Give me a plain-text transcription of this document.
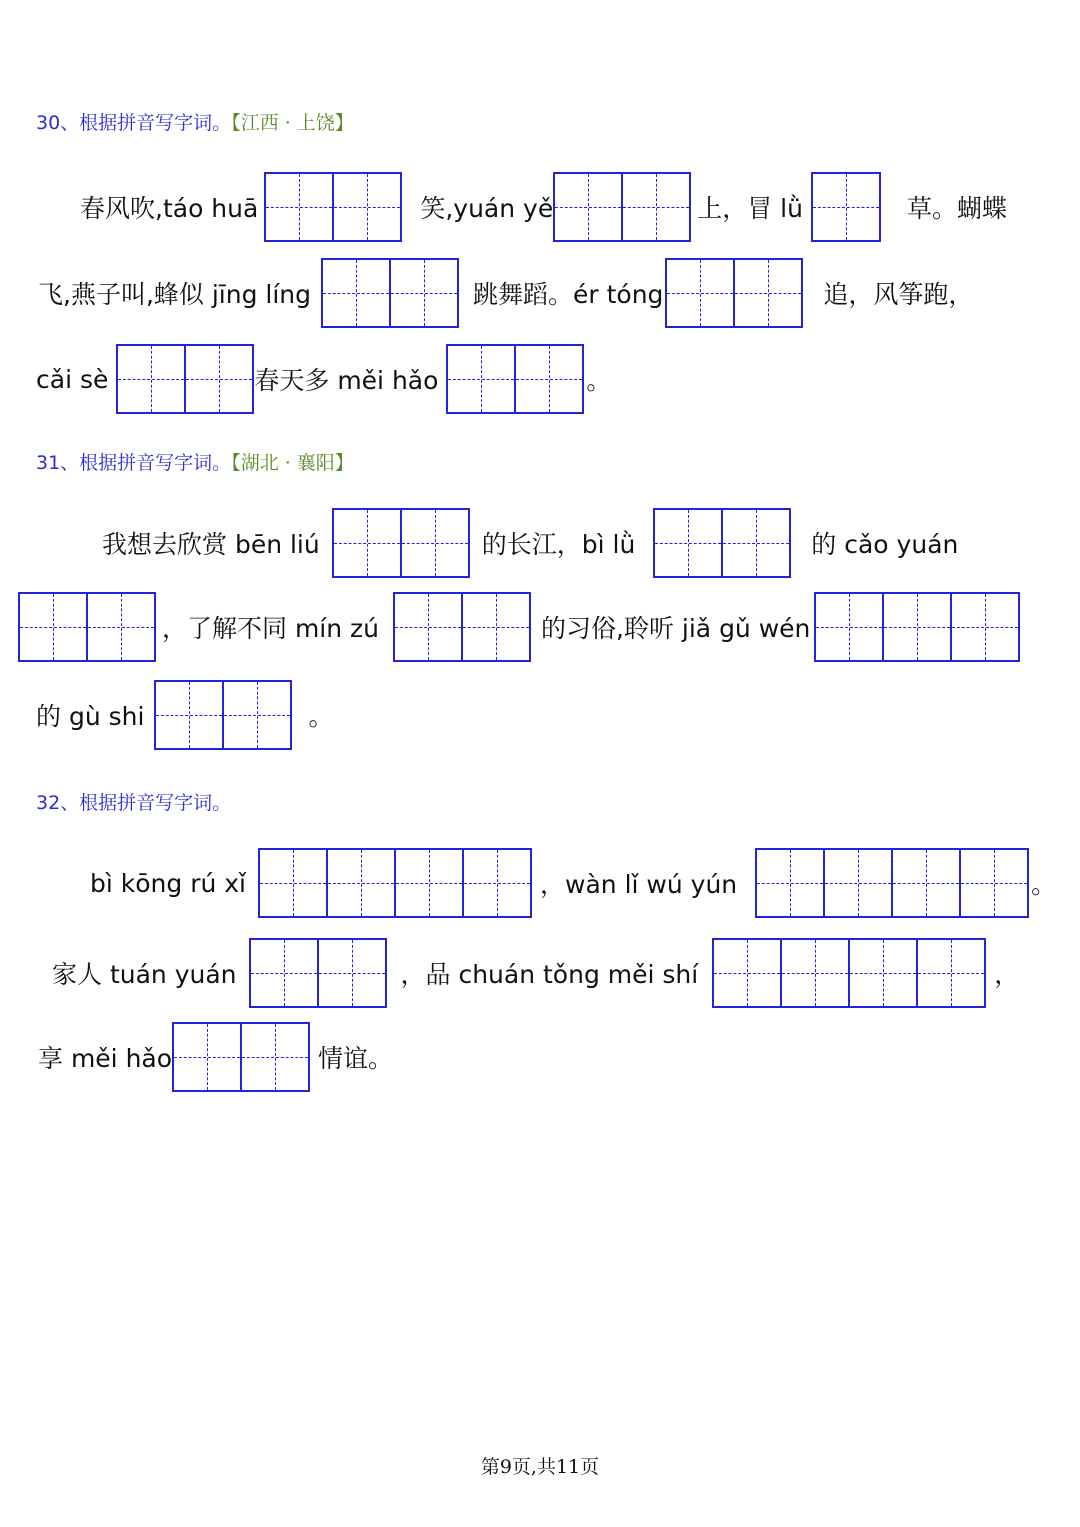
30、根据拼音写字词。【江西 · 上饶】
春风吹,táo huā	笑,yuán yě	上，冒 lǜ	草。蝴蝶
飞,燕子叫,蜂似 jīng líng	跳舞蹈。ér tóng	追，风筝跑，
cǎi sè	春天多 měi hǎo	。
31、根据拼音写字词。【湖北 · 襄阳】
我想去欣赏 bēn liú	的长江，bì lǜ	的 cǎo yuán
，了解不同 mín zú	的习俗,聆听 jiǎ gǔ wén
的 gù shi	。
32、根据拼音写字词。
bì kōng rú xǐ	，wàn lǐ wú yún	。
家人 tuán yuán	，品 chuán tǒng měi shí	，
享 měi hǎo	情谊。
第9页,共11页
